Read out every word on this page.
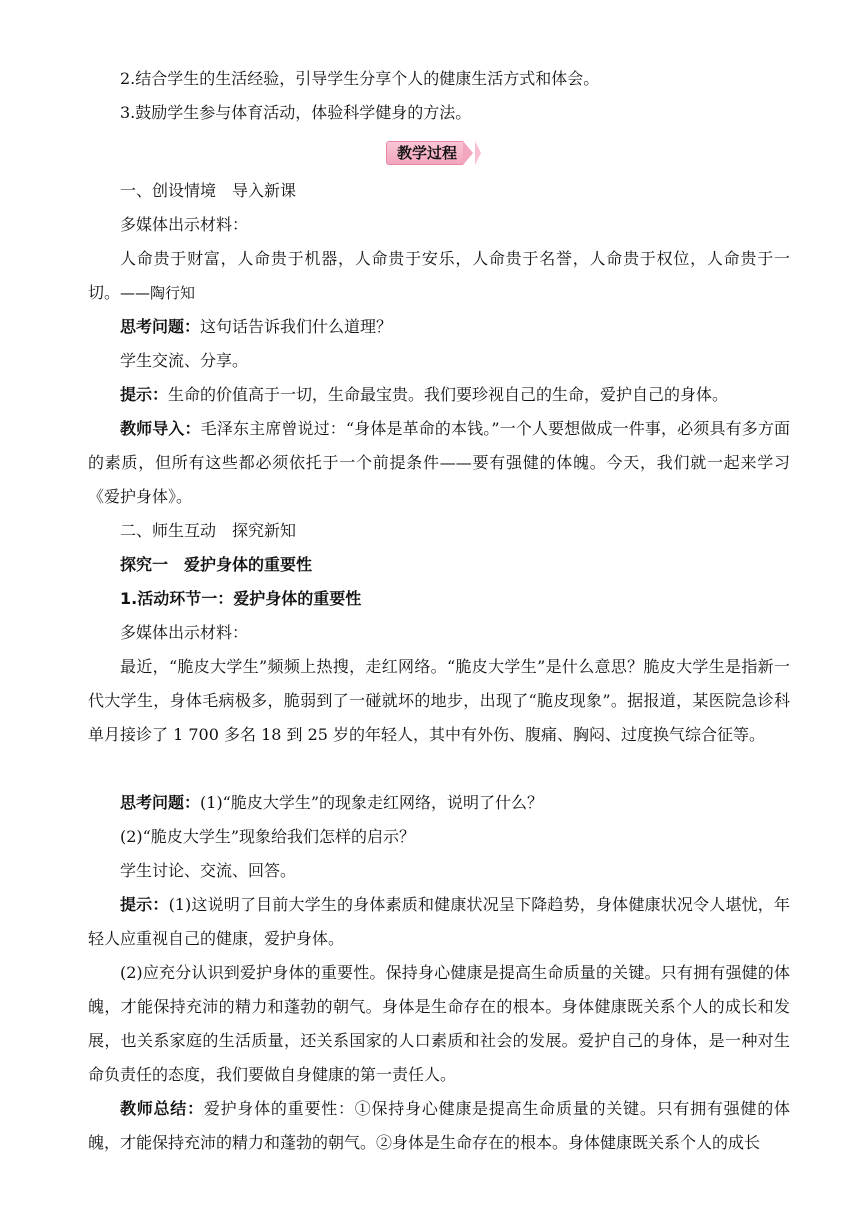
2.结合学生的生活经验，引导学生分享个人的健康生活方式和体会。

3.鼓励学生参与体育活动，体验科学健身的方法。

教学过程

一、创设情境　导入新课

多媒体出示材料：

人命贵于财富，人命贵于机器，人命贵于安乐，人命贵于名誉，人命贵于权位，人命贵于一切。——陶行知

思考问题：这句话告诉我们什么道理？

学生交流、分享。

提示：生命的价值高于一切，生命最宝贵。我们要珍视自己的生命，爱护自己的身体。

教师导入：毛泽东主席曾说过：“身体是革命的本钱。”一个人要想做成一件事，必须具有多方面的素质，但所有这些都必须依托于一个前提条件——要有强健的体魄。今天，我们就一起来学习《爱护身体》。

二、师生互动　探究新知

探究一　爱护身体的重要性

1.活动环节一：爱护身体的重要性

多媒体出示材料：

最近，“脆皮大学生”频频上热搜，走红网络。“脆皮大学生”是什么意思？脆皮大学生是指新一代大学生，身体毛病极多，脆弱到了一碰就坏的地步，出现了“脆皮现象”。据报道，某医院急诊科单月接诊了 1 700 多名 18 到 25 岁的年轻人，其中有外伤、腹痛、胸闷、过度换气综合征等。

思考问题：(1)“脆皮大学生”的现象走红网络，说明了什么？

(2)“脆皮大学生”现象给我们怎样的启示？

学生讨论、交流、回答。

提示：(1)这说明了目前大学生的身体素质和健康状况呈下降趋势，身体健康状况令人堪忧，年轻人应重视自己的健康，爱护身体。

(2)应充分认识到爱护身体的重要性。保持身心健康是提高生命质量的关键。只有拥有强健的体魄，才能保持充沛的精力和蓬勃的朝气。身体是生命存在的根本。身体健康既关系个人的成长和发展，也关系家庭的生活质量，还关系国家的人口素质和社会的发展。爱护自己的身体，是一种对生命负责任的态度，我们要做自身健康的第一责任人。

教师总结：爱护身体的重要性：①保持身心健康是提高生命质量的关键。只有拥有强健的体魄，才能保持充沛的精力和蓬勃的朝气。②身体是生命存在的根本。身体健康既关系个人的成长
